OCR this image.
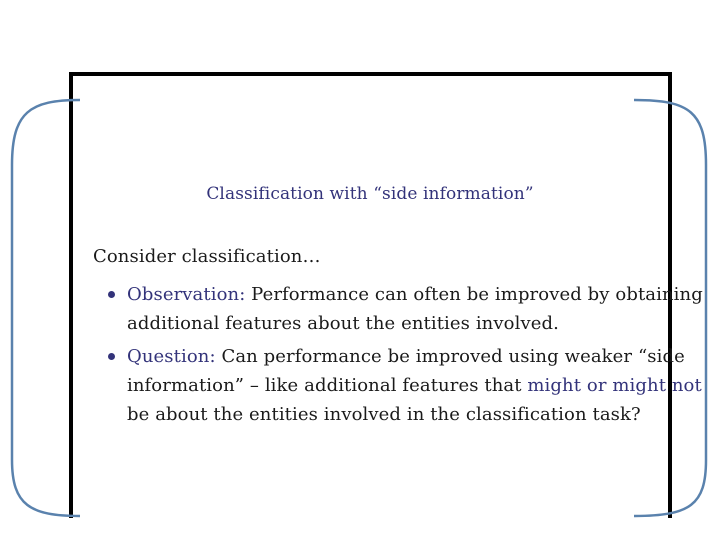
Classification with “side information”
Consider classification…
Observation: Performance can often be improved by obtaining
additional features about the entities involved.
Question: Can performance be improved using weaker “side
information” – like additional features that might or might not
be about the entities involved in the classification task?
